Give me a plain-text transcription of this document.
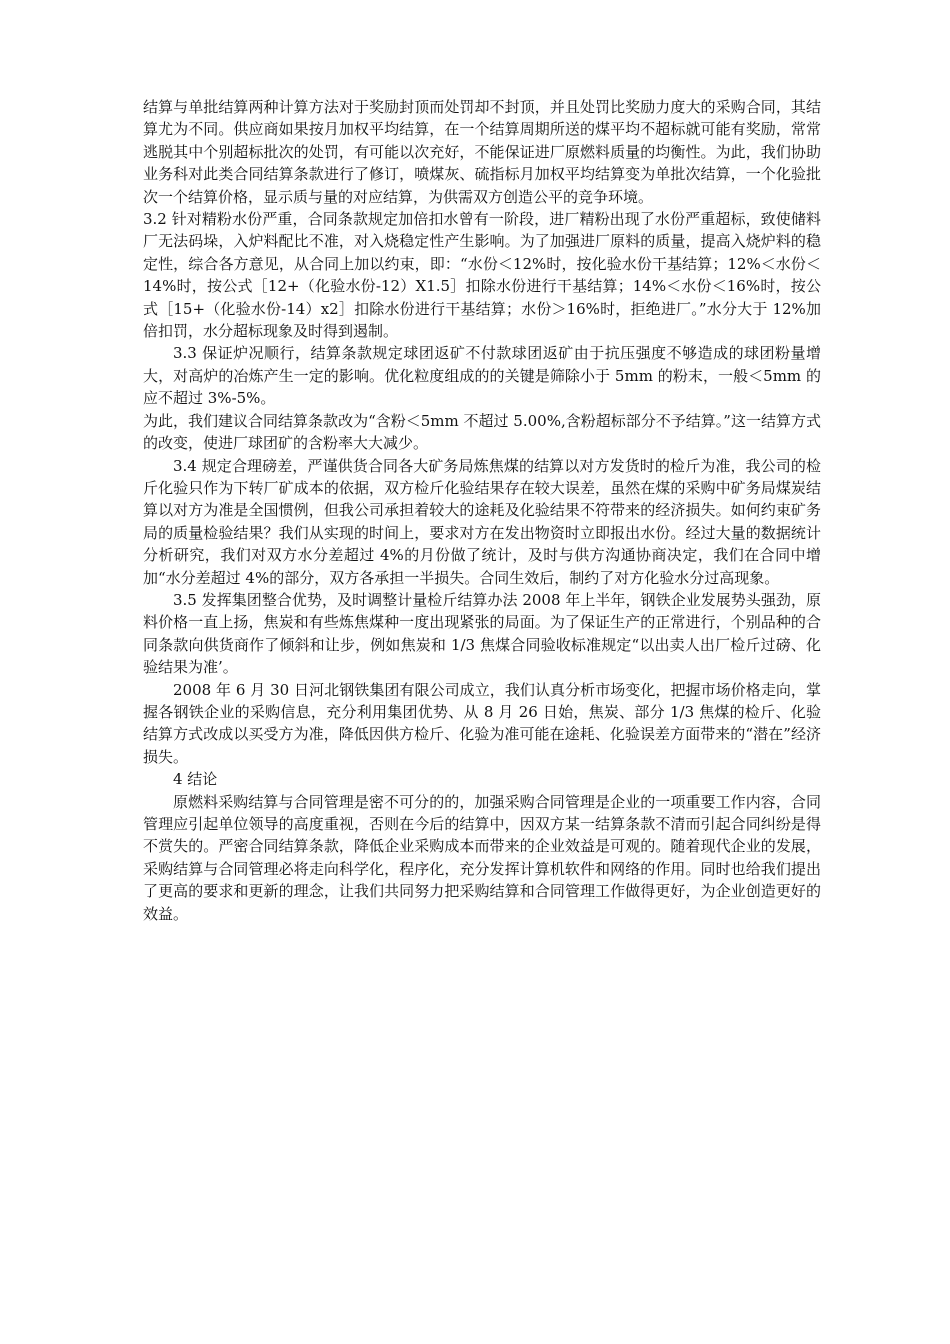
结算与单批结算两种计算方法对于奖励封顶而处罚却不封顶，并且处罚比奖励力度大的采购合同，其结算尤为不同。供应商如果按月加权平均结算，在一个结算周期所送的煤平均不超标就可能有奖励，常常逃脱其中个别超标批次的处罚，有可能以次充好，不能保证进厂原燃料质量的均衡性。为此，我们协助业务科对此类合同结算条款进行了修订，喷煤灰、硫指标月加权平均结算变为单批次结算，一个化验批次一个结算价格，显示质与量的对应结算，为供需双方创造公平的竞争环境。

3.2 针对精粉水份严重，合同条款规定加倍扣水曾有一阶段，进厂精粉出现了水份严重超标，致使储料厂无法码垛，入炉料配比不准，对入烧稳定性产生影响。为了加强进厂原料的质量，提高入烧炉料的稳定性，综合各方意见，从合同上加以约束，即：“水份＜12%时，按化验水份干基结算；12%＜水份＜14%时，按公式［12+（化验水份-12）X1.5］扣除水份进行干基结算；14%＜水份＜16%时，按公式［15+（化验水份-14）x2］扣除水份进行干基结算；水份＞16%时，拒绝进厂。”水分大于 12%加倍扣罚，水分超标现象及时得到遏制。

3.3 保证炉况顺行，结算条款规定球团返矿不付款球团返矿由于抗压强度不够造成的球团粉量增大，对高炉的冶炼产生一定的影响。优化粒度组成的的关键是筛除小于 5mm 的粉末，一般＜5mm 的应不超过 3%-5%。

为此，我们建议合同结算条款改为“含粉＜5mm 不超过 5.00%,含粉超标部分不予结算。”这一结算方式的改变，使进厂球团矿的含粉率大大减少。

3.4 规定合理磅差，严谨供货合同各大矿务局炼焦煤的结算以对方发货时的检斤为准，我公司的检斤化验只作为下转厂矿成本的依据，双方检斤化验结果存在较大误差，虽然在煤的采购中矿务局煤炭结算以对方为准是全国惯例，但我公司承担着较大的途耗及化验结果不符带来的经济损失。如何约束矿务局的质量检验结果？我们从实现的时间上，要求对方在发出物资时立即报出水份。经过大量的数据统计分析研究，我们对双方水分差超过 4%的月份做了统计，及时与供方沟通协商决定，我们在合同中增加“水分差超过 4%的部分，双方各承担一半损失。合同生效后，制约了对方化验水分过高现象。

3.5 发挥集团整合优势，及时调整计量检斤结算办法 2008 年上半年，钢铁企业发展势头强劲，原料价格一直上扬，焦炭和有些炼焦煤种一度出现紧张的局面。为了保证生产的正常进行，个别品种的合同条款向供货商作了倾斜和让步，例如焦炭和 1/3 焦煤合同验收标准规定“以出卖人出厂检斤过磅、化验结果为准’。

2008 年 6 月 30 日河北钢铁集团有限公司成立，我们认真分析市场变化，把握市场价格走向，掌握各钢铁企业的采购信息，充分利用集团优势、从 8 月 26 日始，焦炭、部分 1/3 焦煤的检斤、化验结算方式改成以买受方为准，降低因供方检斤、化验为准可能在途耗、化验误差方面带来的“潜在”经济损失。

4 结论

原燃料采购结算与合同管理是密不可分的的，加强采购合同管理是企业的一项重要工作内容，合同管理应引起单位领导的高度重视，否则在今后的结算中，因双方某一结算条款不清而引起合同纠纷是得不赏失的。严密合同结算条款，降低企业采购成本而带来的企业效益是可观的。随着现代企业的发展，采购结算与合同管理必将走向科学化，程序化，充分发挥计算机软件和网络的作用。同时也给我们提出了更高的要求和更新的理念，让我们共同努力把采购结算和合同管理工作做得更好，为企业创造更好的效益。
